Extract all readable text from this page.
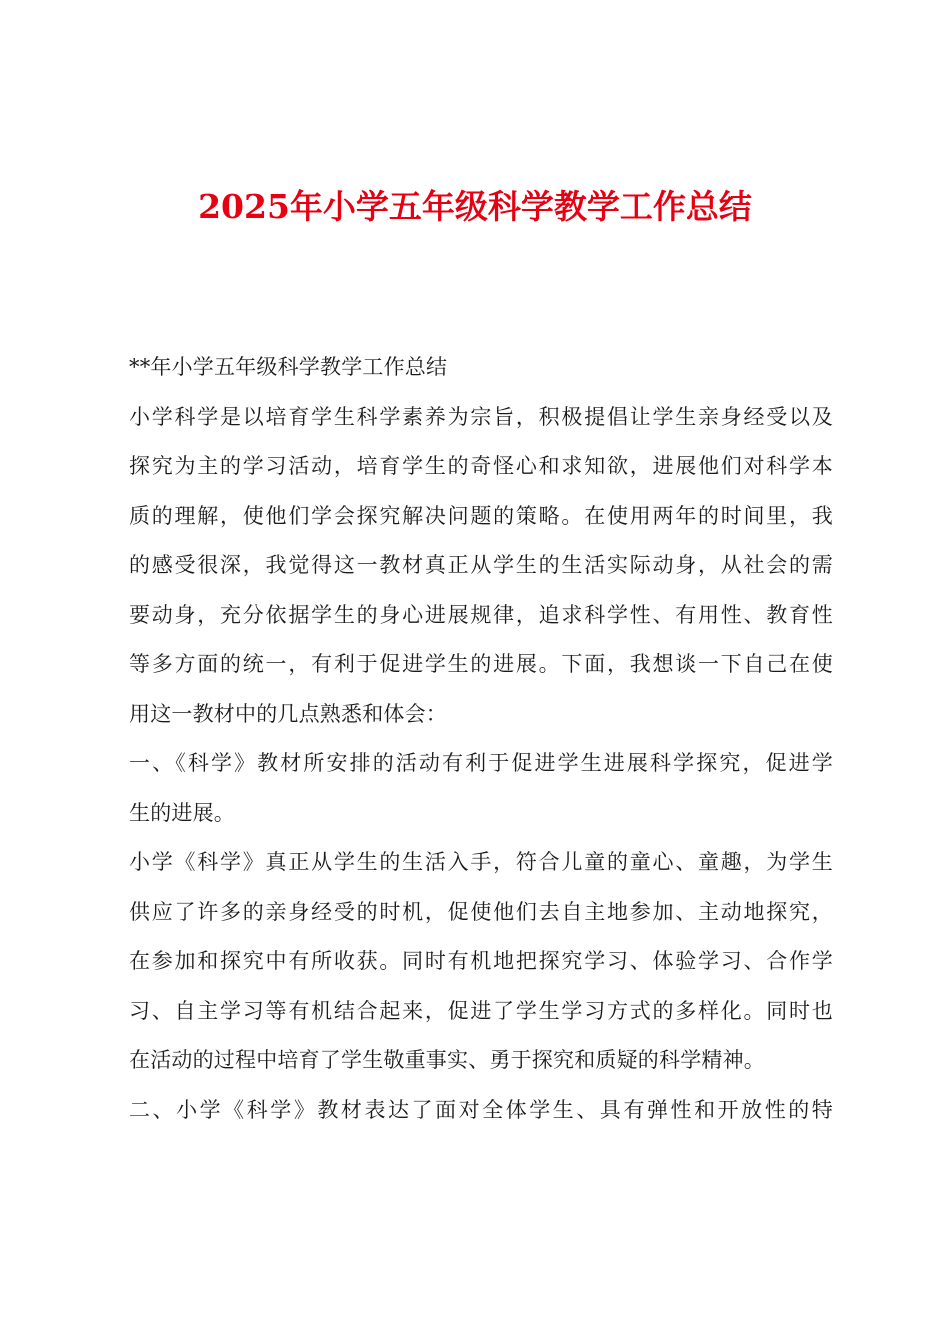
2025年小学五年级科学教学工作总结
**年小学五年级科学教学工作总结
小学科学是以培育学生科学素养为宗旨，积极提倡让学生亲身经受以及
探究为主的学习活动，培育学生的奇怪心和求知欲，进展他们对科学本
质的理解，使他们学会探究解决问题的策略。在使用两年的时间里，我
的感受很深，我觉得这一教材真正从学生的生活实际动身，从社会的需
要动身，充分依据学生的身心进展规律，追求科学性、有用性、教育性
等多方面的统一，有利于促进学生的进展。下面，我想谈一下自己在使
用这一教材中的几点熟悉和体会：
一、《科学》教材所安排的活动有利于促进学生进展科学探究，促进学
生的进展。
小学《科学》真正从学生的生活入手，符合儿童的童心、童趣，为学生
供应了许多的亲身经受的时机，促使他们去自主地参加、主动地探究，
在参加和探究中有所收获。同时有机地把探究学习、体验学习、合作学
习、自主学习等有机结合起来，促进了学生学习方式的多样化。同时也
在活动的过程中培育了学生敬重事实、勇于探究和质疑的科学精神。
二、小学《科学》教材表达了面对全体学生、具有弹性和开放性的特
